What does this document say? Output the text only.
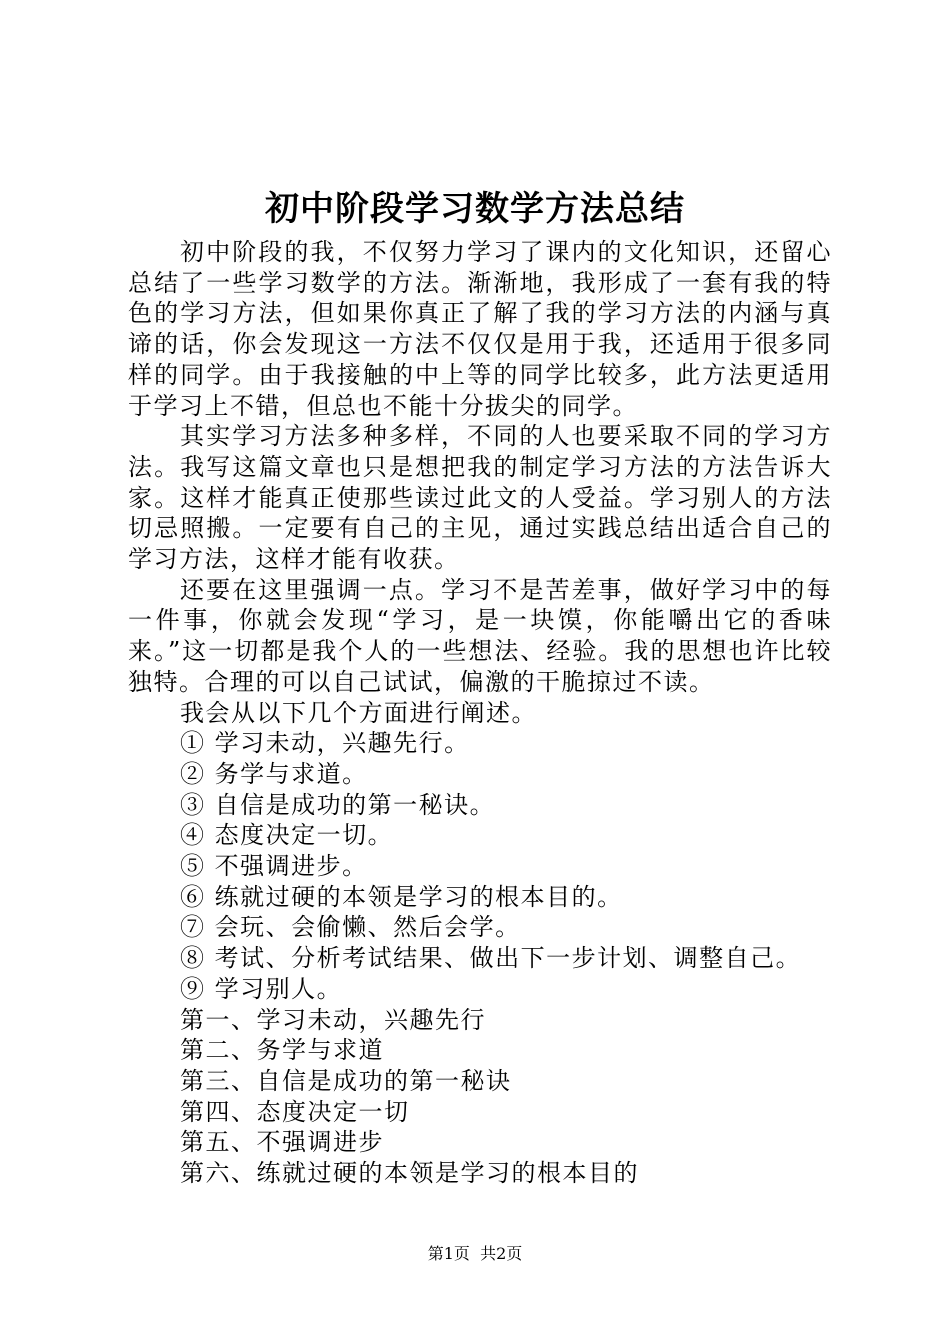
初中阶段学习数学方法总结

初中阶段的我，不仅努力学习了课内的文化知识，还留心总结了一些学习数学的方法。渐渐地，我形成了一套有我的特色的学习方法，但如果你真正了解了我的学习方法的内涵与真谛的话，你会发现这一方法不仅仅是用于我，还适用于很多同样的同学。由于我接触的中上等的同学比较多，此方法更适用于学习上不错，但总也不能十分拔尖的同学。

其实学习方法多种多样，不同的人也要采取不同的学习方法。我写这篇文章也只是想把我的制定学习方法的方法告诉大家。这样才能真正使那些读过此文的人受益。学习别人的方法切忌照搬。一定要有自己的主见，通过实践总结出适合自己的学习方法，这样才能有收获。

还要在这里强调一点。学习不是苦差事，做好学习中的每一件事，你就会发现“学习，是一块馍，你能嚼出它的香味来。”这一切都是我个人的一些想法、经验。我的思想也许比较独特。合理的可以自己试试，偏激的干脆掠过不读。

我会从以下几个方面进行阐述。

① 学习未动，兴趣先行。

② 务学与求道。

③ 自信是成功的第一秘诀。

④ 态度决定一切。

⑤ 不强调进步。

⑥ 练就过硬的本领是学习的根本目的。

⑦ 会玩、会偷懒、然后会学。

⑧ 考试、分析考试结果、做出下一步计划、调整自己。

⑨ 学习别人。

第一、学习未动，兴趣先行

第二、务学与求道

第三、自信是成功的第一秘诀

第四、态度决定一切

第五、不强调进步

第六、练就过硬的本领是学习的根本目的

第1页 共2页
